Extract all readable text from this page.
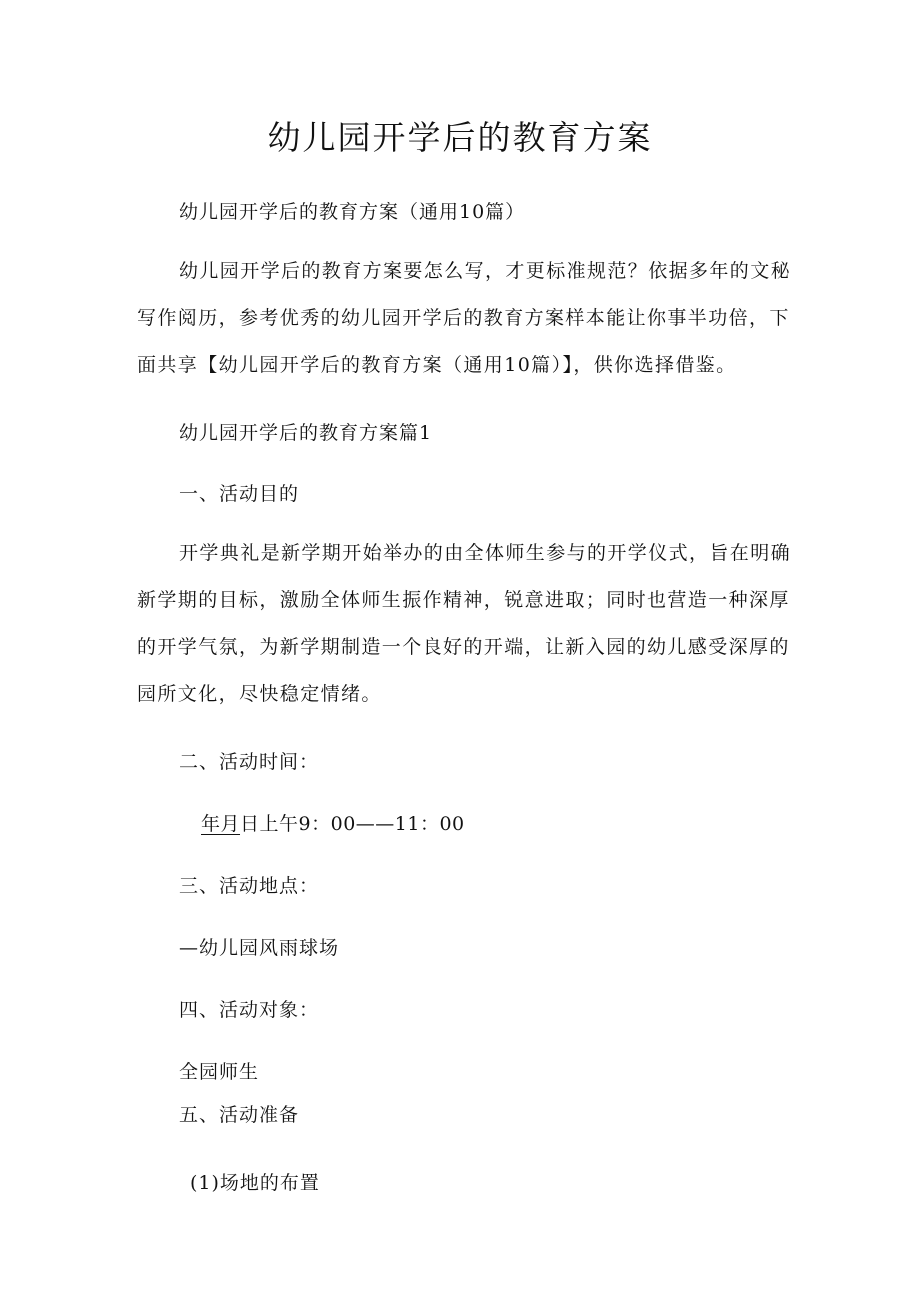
幼儿园开学后的教育方案

幼儿园开学后的教育方案（通用10篇）

幼儿园开学后的教育方案要怎么写，才更标准规范？依据多年的文秘写作阅历，参考优秀的幼儿园开学后的教育方案样本能让你事半功倍，下面共享【幼儿园开学后的教育方案（通用10篇）】，供你选择借鉴。

幼儿园开学后的教育方案篇1

一、活动目的

开学典礼是新学期开始举办的由全体师生参与的开学仪式，旨在明确新学期的目标，激励全体师生振作精神，锐意进取；同时也营造一种深厚的开学气氛，为新学期制造一个良好的开端，让新入园的幼儿感受深厚的园所文化，尽快稳定情绪。

二、活动时间：

年月日上午9：00——11：00

三、活动地点：

—幼儿园风雨球场

四、活动对象：

全园师生

五、活动准备

(1)场地的布置
